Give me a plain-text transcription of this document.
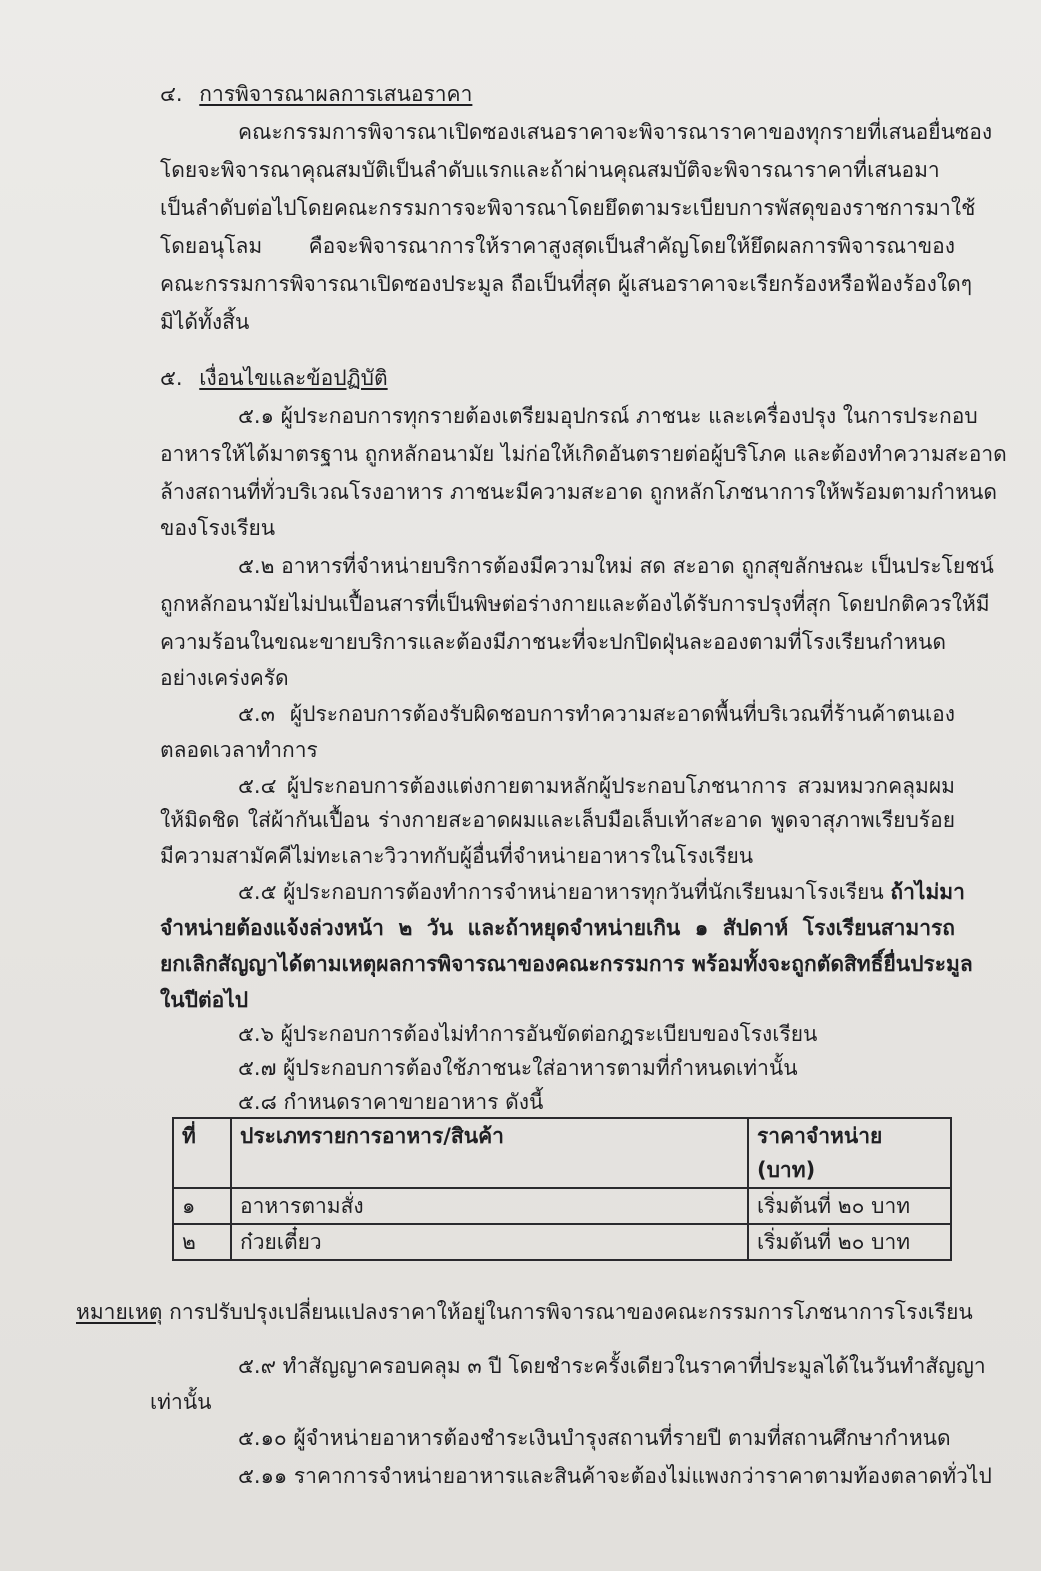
๔. การพิจารณาผลการเสนอราคา
คณะกรรมการพิจารณาเปิดซองเสนอราคาจะพิจารณาราคาของทุกรายที่เสนอยื่นซอง
โดยจะพิจารณาคุณสมบัติเป็นลำดับแรกและถ้าผ่านคุณสมบัติจะพิจารณาราคาที่เสนอมา
เป็นลำดับต่อไปโดยคณะกรรมการจะพิจารณาโดยยึดตามระเบียบการพัสดุของราชการมาใช้
โดยอนุโลม คือจะพิจารณาการให้ราคาสูงสุดเป็นสำคัญโดยให้ยึดผลการพิจารณาของ
คณะกรรมการพิจารณาเปิดซองประมูล ถือเป็นที่สุด ผู้เสนอราคาจะเรียกร้องหรือฟ้องร้องใดๆ
มิได้ทั้งสิ้น
๕. เงื่อนไขและข้อปฏิบัติ
๕.๑ ผู้ประกอบการทุกรายต้องเตรียมอุปกรณ์ ภาชนะ และเครื่องปรุง ในการประกอบ
อาหารให้ได้มาตรฐาน ถูกหลักอนามัย ไม่ก่อให้เกิดอันตรายต่อผู้บริโภค และต้องทำความสะอาด
ล้างสถานที่ทั่วบริเวณโรงอาหาร ภาชนะมีความสะอาด ถูกหลักโภชนาการให้พร้อมตามกำหนด
ของโรงเรียน
๕.๒ อาหารที่จำหน่ายบริการต้องมีความใหม่ สด สะอาด ถูกสุขลักษณะ เป็นประโยชน์
ถูกหลักอนามัยไม่ปนเปื้อนสารที่เป็นพิษต่อร่างกายและต้องได้รับการปรุงที่สุก โดยปกติควรให้มี
ความร้อนในขณะขายบริการและต้องมีภาชนะที่จะปกปิดฝุ่นละอองตามที่โรงเรียนกำหนด
อย่างเคร่งครัด
๕.๓ ผู้ประกอบการต้องรับผิดชอบการทำความสะอาดพื้นที่บริเวณที่ร้านค้าตนเอง
ตลอดเวลาทำการ
๕.๔ ผู้ประกอบการต้องแต่งกายตามหลักผู้ประกอบโภชนาการ สวมหมวกคลุมผม
ให้มิดชิด ใส่ผ้ากันเปื้อน ร่างกายสะอาดผมและเล็บมือเล็บเท้าสะอาด พูดจาสุภาพเรียบร้อย
มีความสามัคคีไม่ทะเลาะวิวาทกับผู้อื่นที่จำหน่ายอาหารในโรงเรียน
๕.๕ ผู้ประกอบการต้องทำการจำหน่ายอาหารทุกวันที่นักเรียนมาโรงเรียน ถ้าไม่มา
จำหน่ายต้องแจ้งล่วงหน้า ๒ วัน และถ้าหยุดจำหน่ายเกิน ๑ สัปดาห์ โรงเรียนสามารถ
ยกเลิกสัญญาได้ตามเหตุผลการพิจารณาของคณะกรรมการ พร้อมทั้งจะถูกตัดสิทธิ์ยื่นประมูล
ในปีต่อไป
๕.๖ ผู้ประกอบการต้องไม่ทำการอันขัดต่อกฎระเบียบของโรงเรียน
๕.๗ ผู้ประกอบการต้องใช้ภาชนะใส่อาหารตามที่กำหนดเท่านั้น
๕.๘ กำหนดราคาขายอาหาร ดังนี้
ที่	ประเภทรายการอาหาร/สินค้า	ราคาจำหน่าย
(บาท)

๑	อาหารตามสั่ง	เริ่มต้นที่ ๒๐ บาท
๒	ก๋วยเตี๋ยว	เริ่มต้นที่ ๒๐ บาท
หมายเหตุ การปรับปรุงเปลี่ยนแปลงราคาให้อยู่ในการพิจารณาของคณะกรรมการโภชนาการโรงเรียน
๕.๙ ทำสัญญาครอบคลุม ๓ ปี โดยชำระครั้งเดียวในราคาที่ประมูลได้ในวันทำสัญญา
เท่านั้น
๕.๑๐ ผู้จำหน่ายอาหารต้องชำระเงินบำรุงสถานที่รายปี ตามที่สถานศึกษากำหนด
๕.๑๑ ราคาการจำหน่ายอาหารและสินค้าจะต้องไม่แพงกว่าราคาตามท้องตลาดทั่วไป
